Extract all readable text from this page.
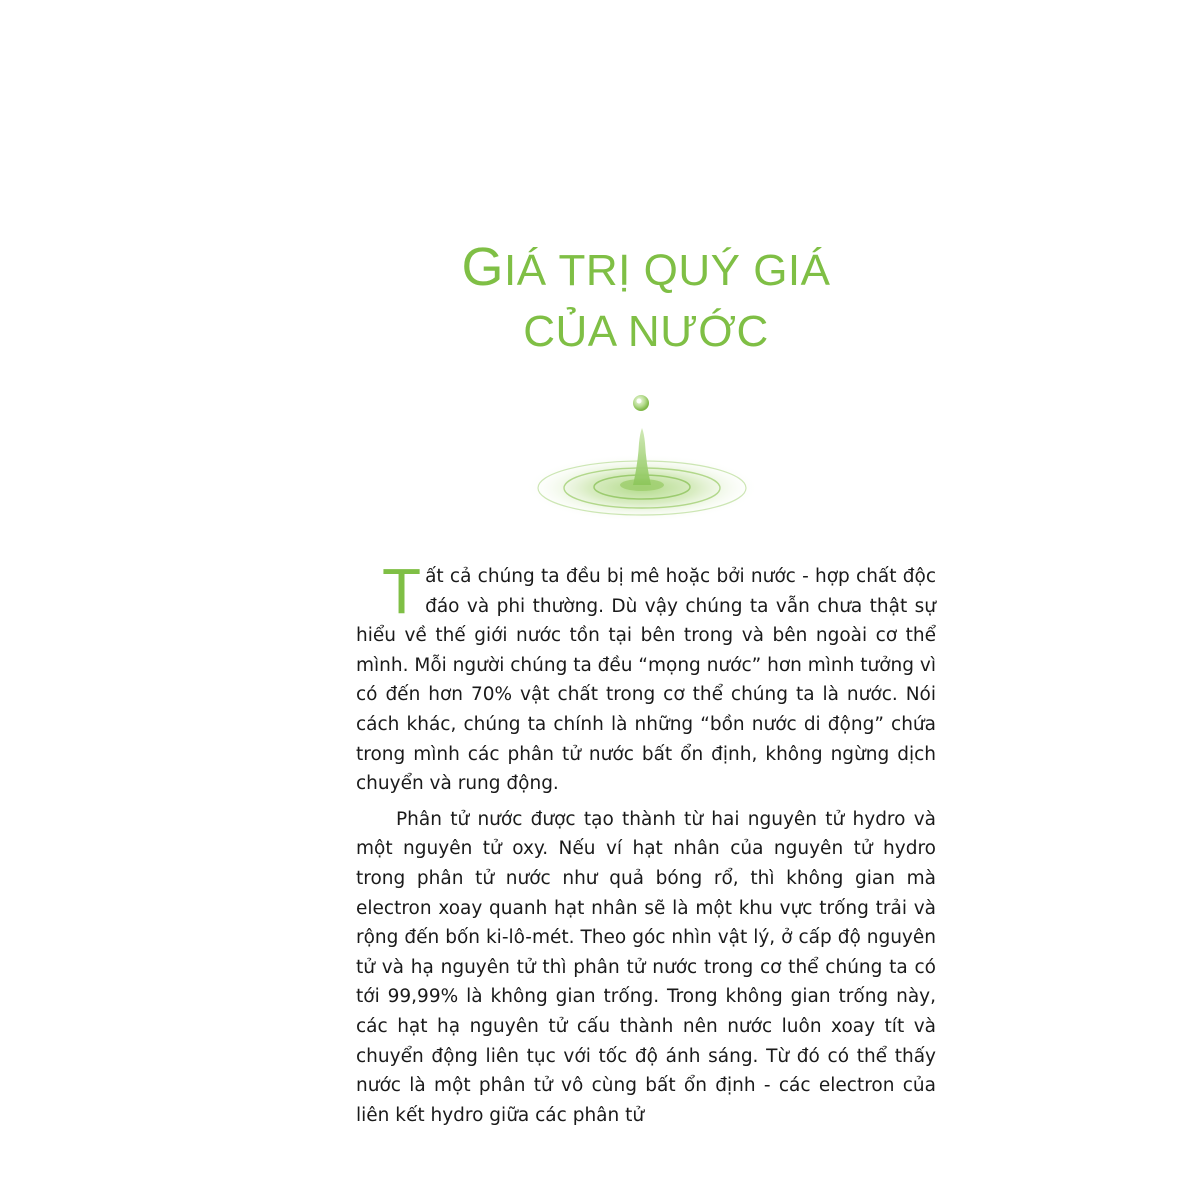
GIÁ TRỊ QUÝ GIÁ
CỦA NƯỚC

Tất cả chúng ta đều bị mê hoặc bởi nước - hợp chất độc đáo và phi thường. Dù vậy chúng ta vẫn chưa thật sự hiểu về thế giới nước tồn tại bên trong và bên ngoài cơ thể mình. Mỗi người chúng ta đều “mọng nước” hơn mình tưởng vì có đến hơn 70% vật chất trong cơ thể chúng ta là nước. Nói cách khác, chúng ta chính là những “bồn nước di động” chứa trong mình các phân tử nước bất ổn định, không ngừng dịch chuyển và rung động.

Phân tử nước được tạo thành từ hai nguyên tử hydro và một nguyên tử oxy. Nếu ví hạt nhân của nguyên tử hydro trong phân tử nước như quả bóng rổ, thì không gian mà electron xoay quanh hạt nhân sẽ là một khu vực trống trải và rộng đến bốn ki-lô-mét. Theo góc nhìn vật lý, ở cấp độ nguyên tử và hạ nguyên tử thì phân tử nước trong cơ thể chúng ta có tới 99,99% là không gian trống. Trong không gian trống này, các hạt hạ nguyên tử cấu thành nên nước luôn xoay tít và chuyển động liên tục với tốc độ ánh sáng. Từ đó có thể thấy nước là một phân tử vô cùng bất ổn định - các electron của liên kết hydro giữa các phân tử
